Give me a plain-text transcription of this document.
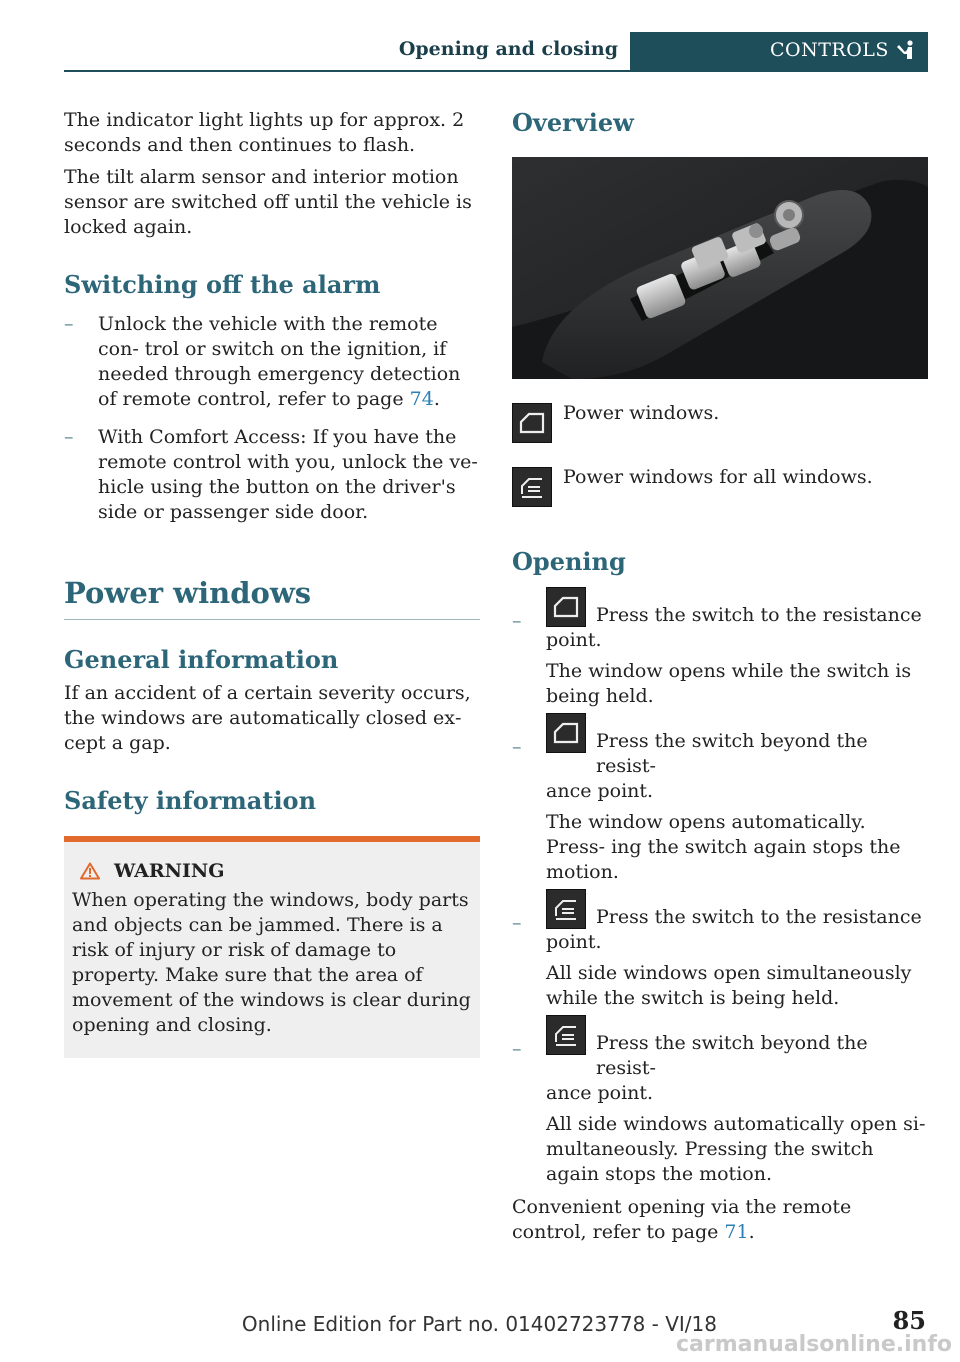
Opening and closing	CONTROLS

The indicator light lights up for approx. 2 seconds and then continues to flash.

The tilt alarm sensor and interior motion sensor are switched off until the vehicle is locked again.

Switching off the alarm
– Unlock the vehicle with the remote con‐ trol or switch on the ignition, if needed through emergency detection of remote control, refer to page 74.
– With Comfort Access: If you have the remote control with you, unlock the ve‐ hicle using the button on the driver's side or passenger side door.
Power windows
General information

If an accident of a certain severity occurs, the windows are automatically closed ex‐ cept a gap.

Safety information
WARNING

When operating the windows, body parts and objects can be jammed. There is a risk of injury or risk of damage to property. Make sure that the area of movement of the windows is clear during opening and closing.

Overview

Power windows.

Power windows for all windows.

Opening
–	Press the switch to the resistance
point.

The window opens while the switch is being held.

–	Press the switch beyond the resist‐
ance point.

The window opens automatically. Press‐ ing the switch again stops the motion.

–	Press the switch to the resistance
point.

All side windows open simultaneously while the switch is being held.

–	Press the switch beyond the resist‐
ance point.

All side windows automatically open si‐ multaneously. Pressing the switch again stops the motion.

Convenient opening via the remote control, refer to page 71.

Online Edition for Part no. 01402723778 - VI/18	85
carmanualsonline.info
